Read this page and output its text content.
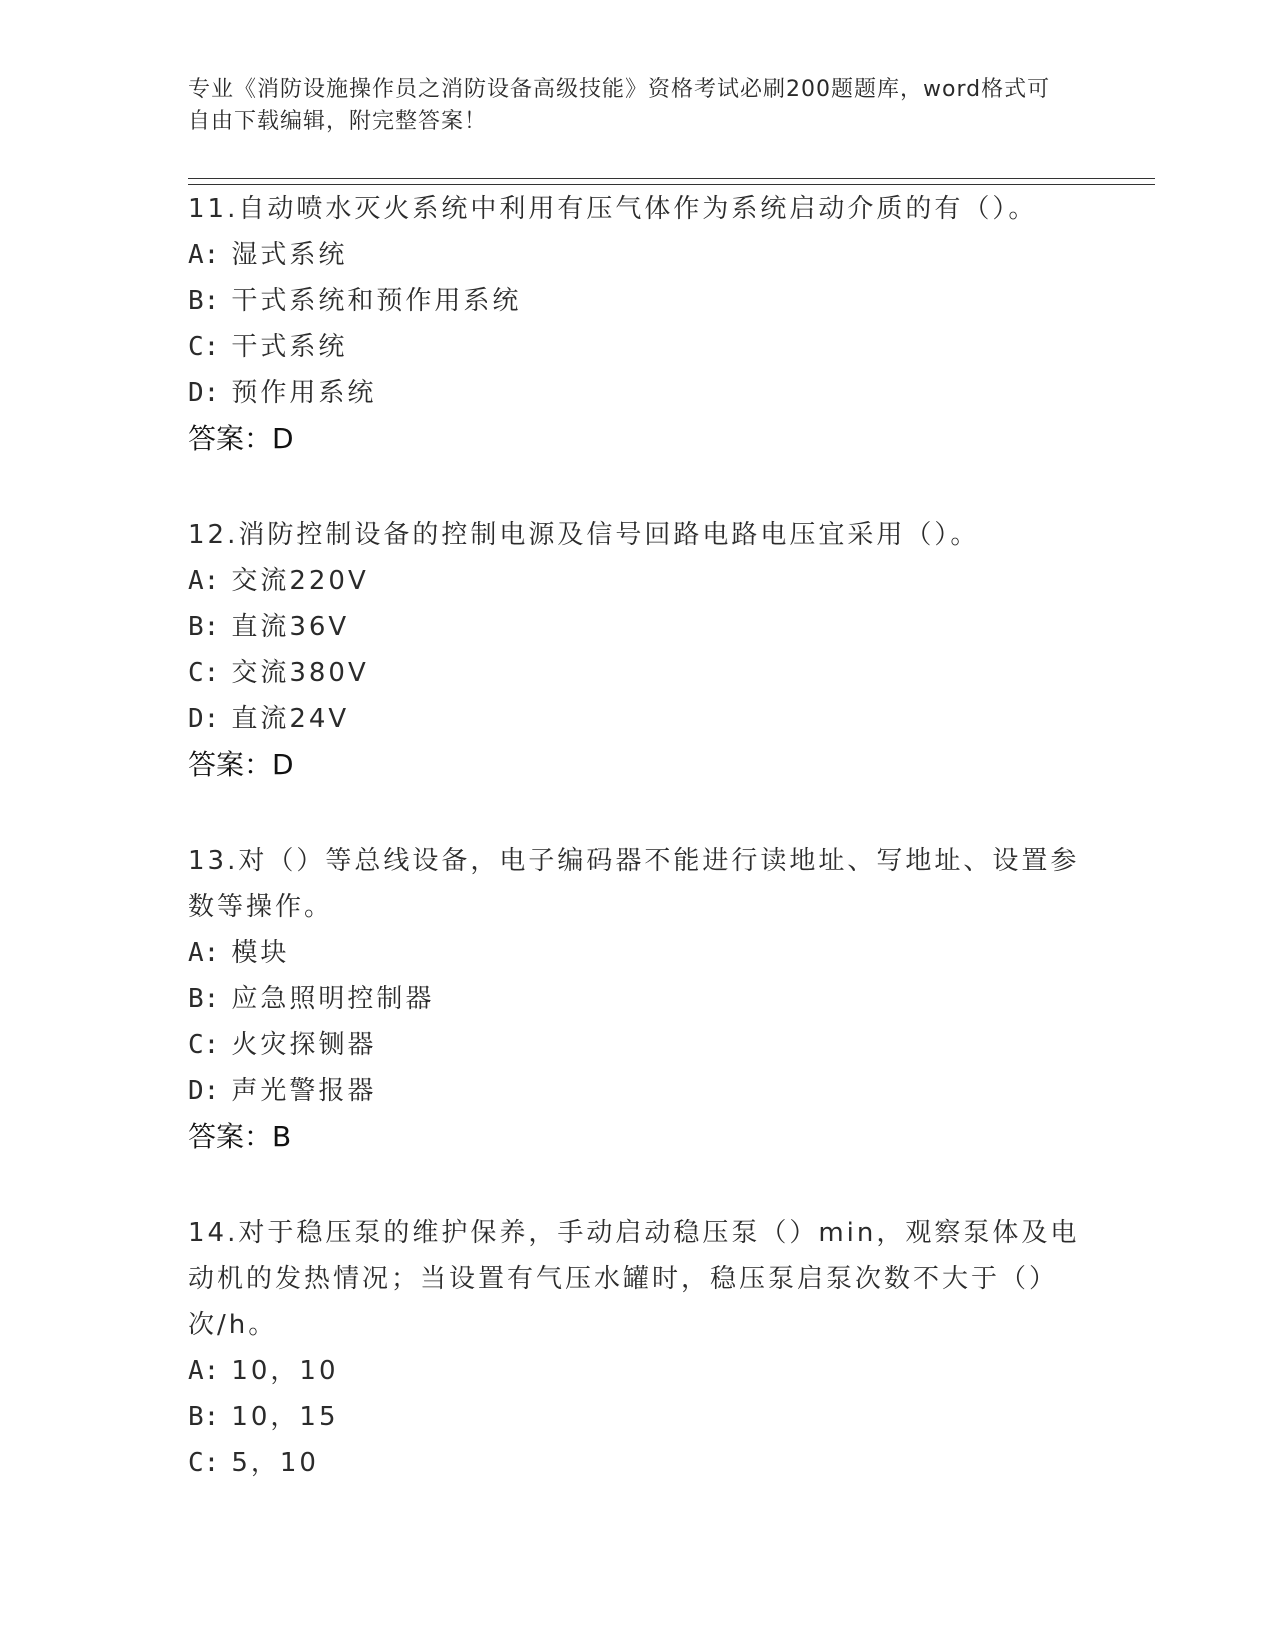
专业《消防设施操作员之消防设备高级技能》资格考试必刷200题题库，word格式可自由下载编辑，附完整答案！
11.自动喷水灭火系统中利用有压气体作为系统启动介质的有（）。
A: 湿式系统
B: 干式系统和预作用系统
C: 干式系统
D: 预作用系统
答案：D
12.消防控制设备的控制电源及信号回路电路电压宜采用（）。
A: 交流220V
B: 直流36V
C: 交流380V
D: 直流24V
答案：D
13.对（）等总线设备，电子编码器不能进行读地址、写地址、设置参数等操作。
A: 模块
B: 应急照明控制器
C: 火灾探铡器
D: 声光警报器
答案：B
14.对于稳压泵的维护保养，手动启动稳压泵（）min，观察泵体及电动机的发热情况；当设置有气压水罐时，稳压泵启泵次数不大于（）次/h。
A: 10，10
B: 10，15
C: 5，10
